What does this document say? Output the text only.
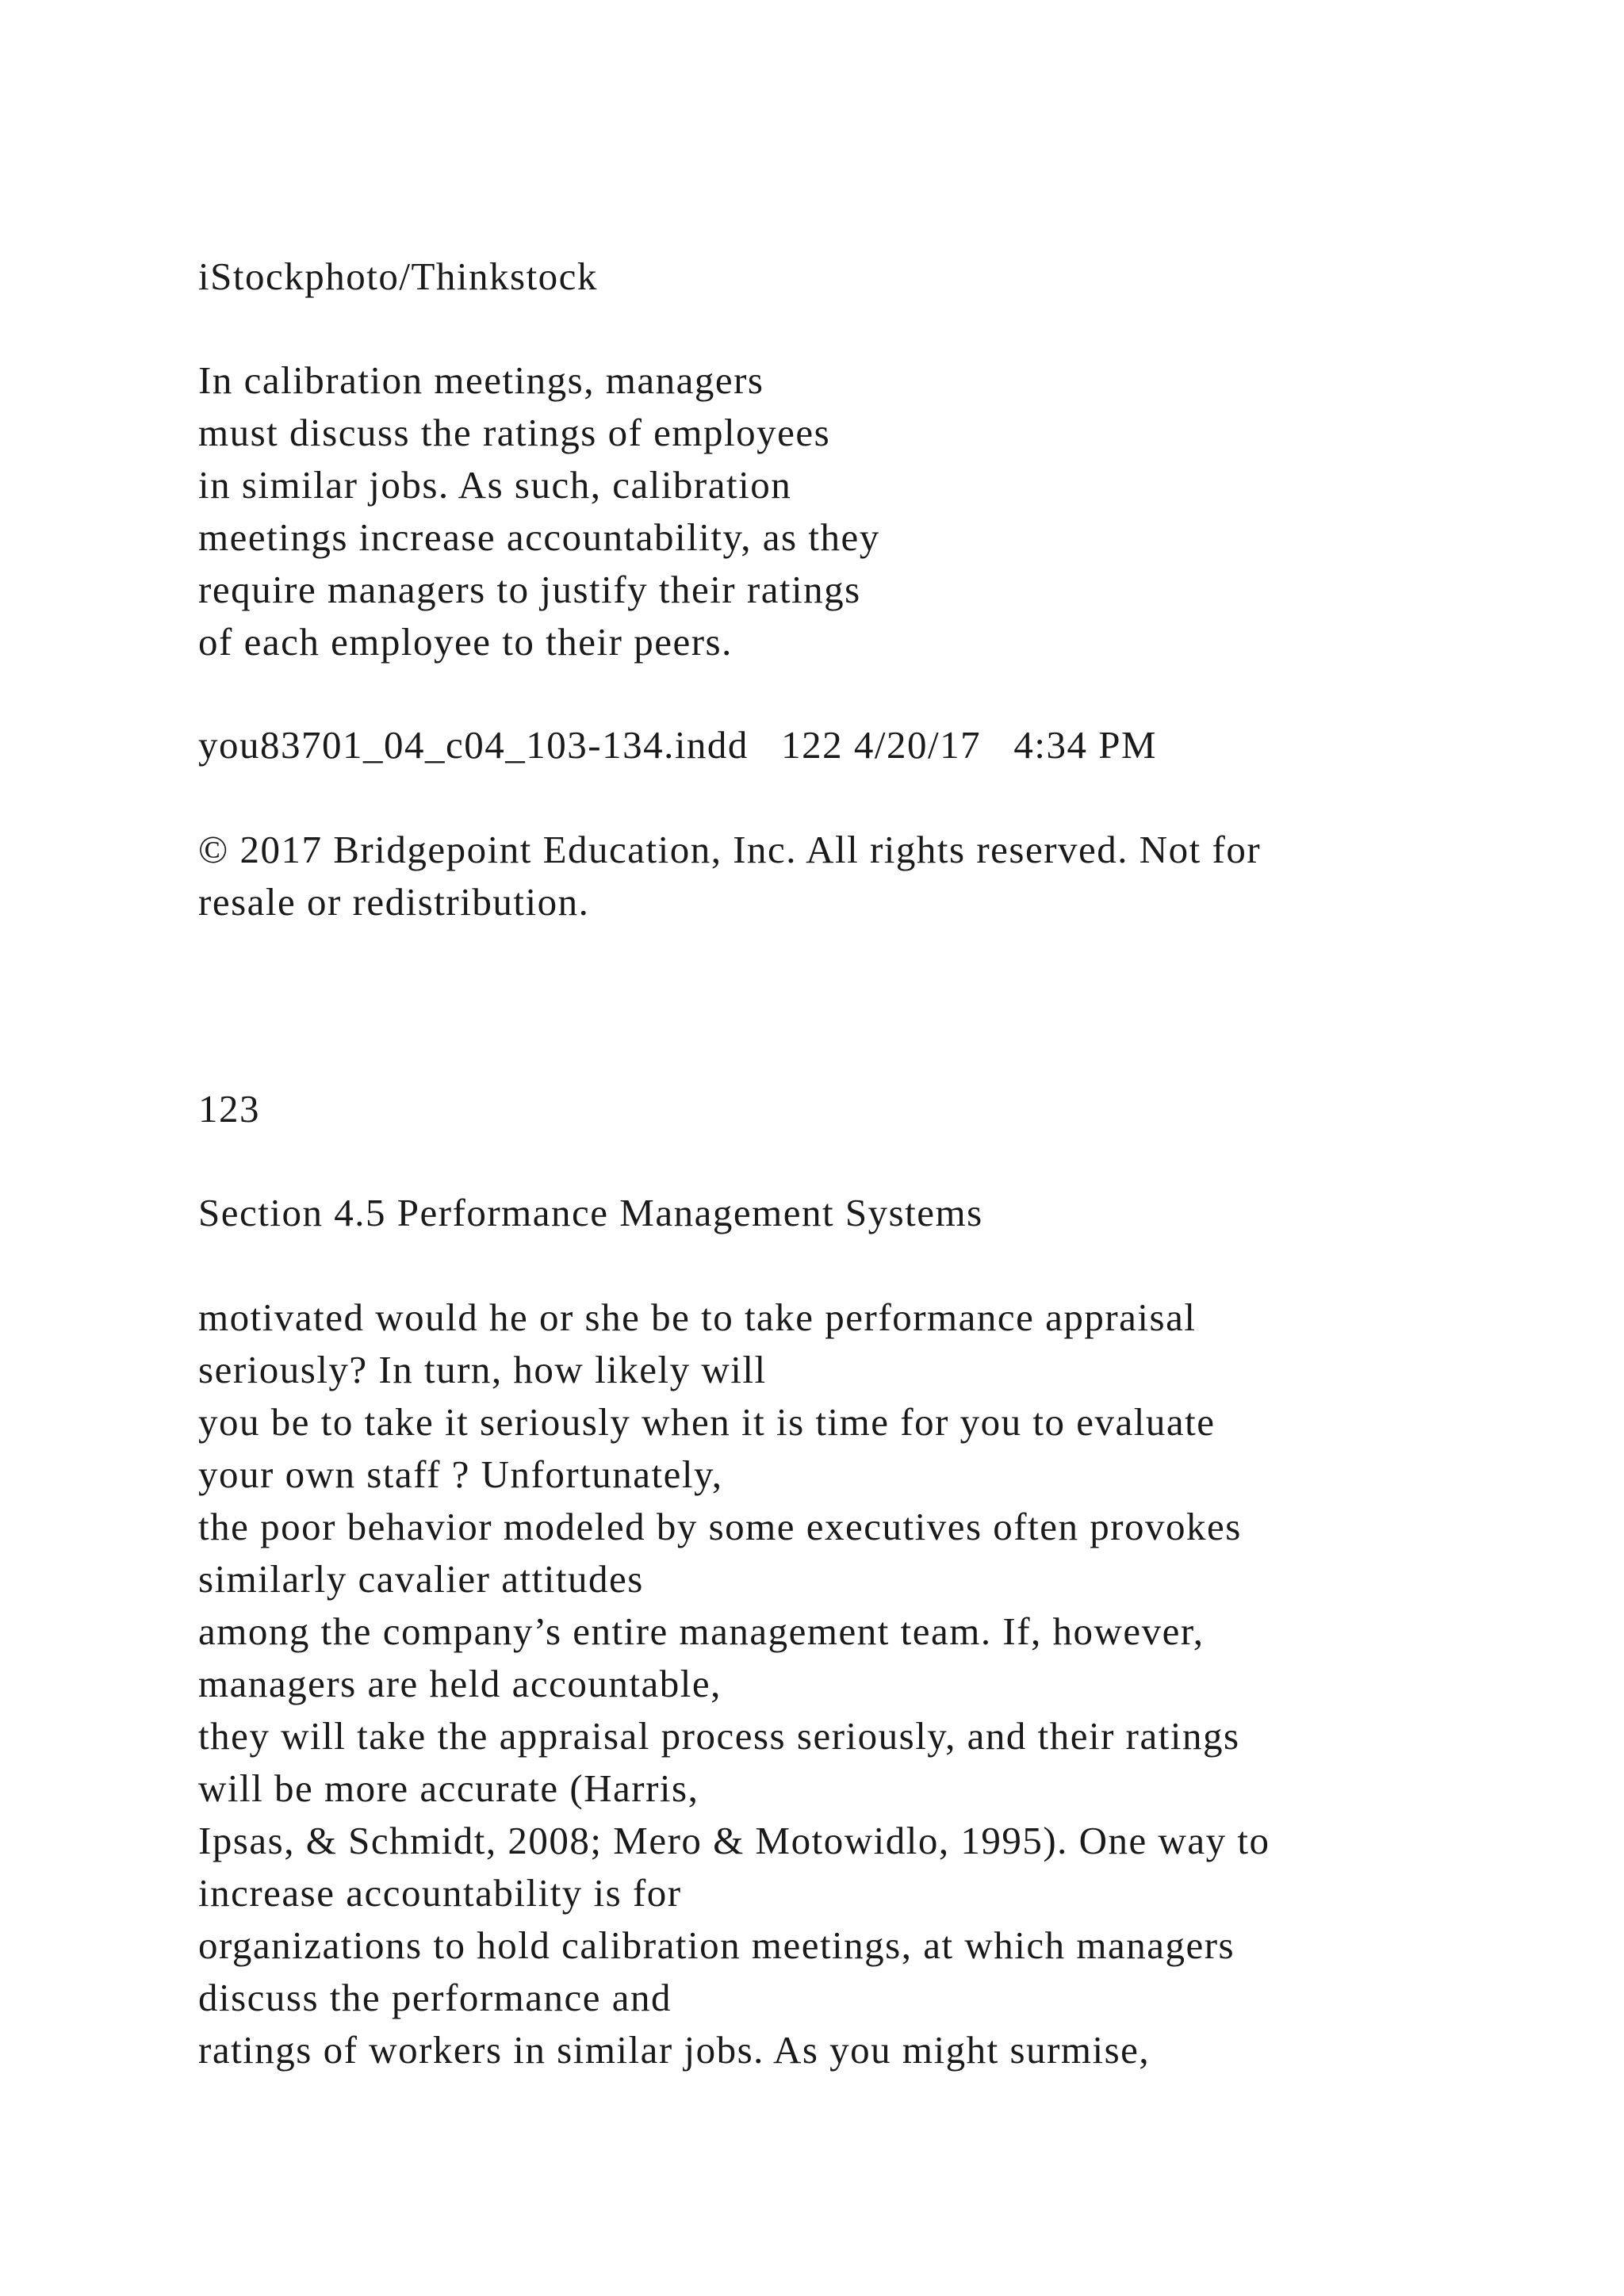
iStockphoto/Thinkstock

In calibration meetings, managers

must discuss the ratings of employees

in similar jobs. As such, calibration

meetings increase accountability, as they

require managers to justify their ratings

of each employee to their peers.

you83701_04_c04_103-134.indd   122 4/20/17   4:34 PM

© 2017 Bridgepoint Education, Inc. All rights reserved. Not for

resale or redistribution.

123

Section 4.5 Performance Management Systems

motivated would he or she be to take performance appraisal

seriously? In turn, how likely will

you be to take it seriously when it is time for you to evaluate

your own staff ? Unfortunately,

the poor behavior modeled by some executives often provokes

similarly cavalier attitudes

among the company’s entire management team. If, however,

managers are held accountable,

they will take the appraisal process seriously, and their ratings

will be more accurate (Harris,

Ipsas, & Schmidt, 2008; Mero & Motowidlo, 1995). One way to

increase accountability is for

organizations to hold calibration meetings, at which managers

discuss the performance and

ratings of workers in similar jobs. As you might surmise,
